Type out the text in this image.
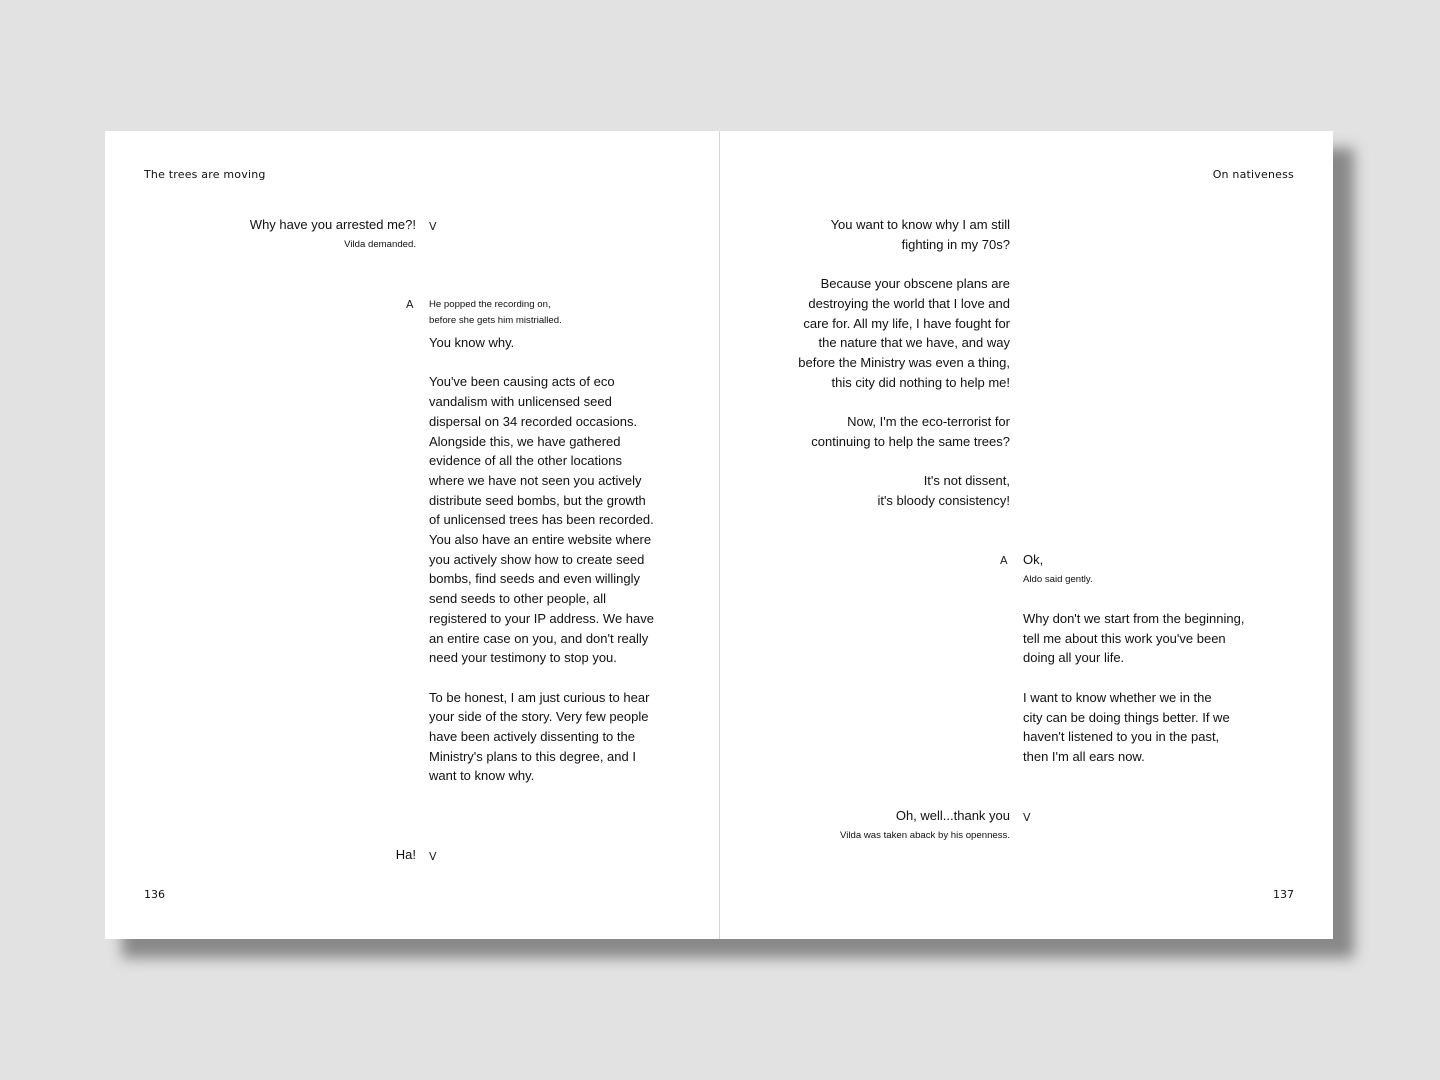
The trees are moving
Why have you arrested me?!
Vilda demanded.
V
A He popped the recording on,
before she gets him mistrialled.
You know why.

You've been causing acts of eco
vandalism with unlicensed seed
dispersal on 34 recorded occasions.
Alongside this, we have gathered
evidence of all the other locations
where we have not seen you actively
distribute seed bombs, but the growth
of unlicensed trees has been recorded.
You also have an entire website where
you actively show how to create seed
bombs, find seeds and even willingly
send seeds to other people, all
registered to your IP address. We have
an entire case on you, and don't really
need your testimony to stop you.

To be honest, I am just curious to hear
your side of the story. Very few people
have been actively dissenting to the
Ministry's plans to this degree, and I
want to know why.
Ha! V
136
On nativeness
You want to know why I am still
fighting in my 70s?

Because your obscene plans are
destroying the world that I love and
care for. All my life, I have fought for
the nature that we have, and way
before the Ministry was even a thing,
this city did nothing to help me!

Now, I'm the eco-terrorist for
continuing to help the same trees?

It's not dissent,
it's bloody consistency!
A Ok,
Aldo said gently.
Why don't we start from the beginning,
tell me about this work you've been
doing all your life.

I want to know whether we in the
city can be doing things better. If we
haven't listened to you in the past,
then I'm all ears now.
Oh, well...thank you
Vilda was taken aback by his openness.
V
137
